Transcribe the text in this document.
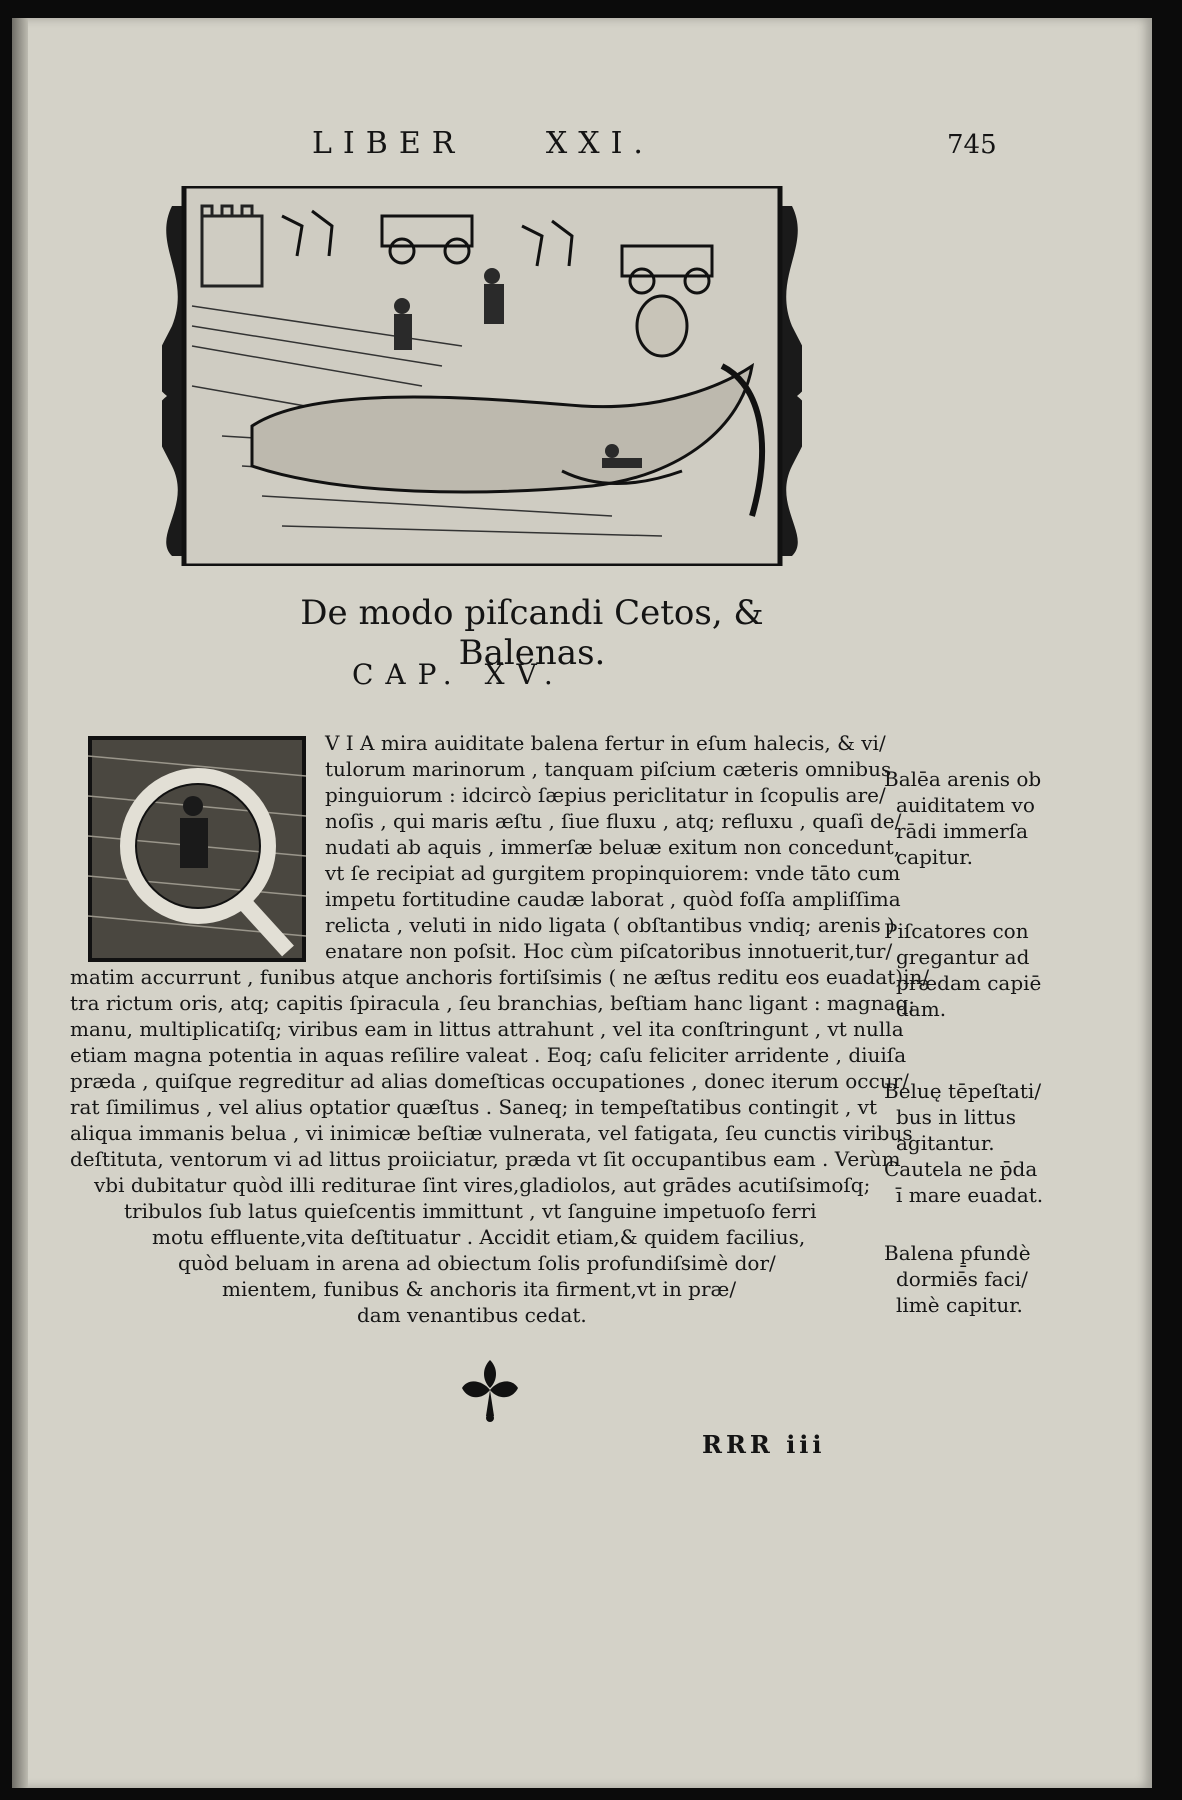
LIBER	XXI.	745
De modo piſcandi Cetos, & Balenas.
CAP. XV.
V I A mira auiditate balena fertur in eſum halecis, & vi/
tulorum marinorum , tanquam piſcium cæteris omnibus
pinguiorum : idcircò ſæpius periclitatur in ſcopulis are/
noſis , qui maris æſtu , ſiue fluxu , atq; refluxu , quaſi de/
nudati ab aquis , immerſæ beluæ exitum non concedunt,
vt ſe recipiat ad gurgitem propinquiorem: vnde tāto cum
impetu fortitudine caudæ laborat , quòd foſſa ampliſſima
relicta , veluti in nido ligata ( obſtantibus vndiq; arenis )
enatare non poſsit. Hoc cùm piſcatoribus innotuerit,tur/
matim accurrunt , funibus atque anchoris fortiſsimis ( ne æſtus reditu eos euadat)in/
tra rictum oris, atq; capitis ſpiracula , ſeu branchias, beſtiam hanc ligant : magnaq;
manu, multiplicatiſq; viribus eam in littus attrahunt , vel ita conſtringunt , vt nulla
etiam magna potentia in aquas reſilire valeat . Eoq; caſu feliciter arridente , diuiſa
præda , quiſque regreditur ad alias domeſticas occupationes , donec iterum occur/
rat ſimilimus , vel alius optatior quæſtus . Saneq; in tempeſtatibus contingit , vt
aliqua immanis belua , vi inimicæ beſtiæ vulnerata, vel fatigata, ſeu cunctis viribus
deſtituta, ventorum vi ad littus proiiciatur, præda vt ſit occupantibus eam . Verùm
vbi dubitatur quòd illi rediturae ſint vires,gladiolos, aut grādes acutiſsimoſq;
tribulos ſub latus quieſcentis immittunt , vt ſanguine impetuoſo ferri
motu effluente,vita deſtituatur . Accidit etiam,& quidem facilius,
quòd beluam in arena ad obiectum ſolis profundiſsimè dor/
mientem, funibus & anchoris ita firment,vt in præ/
dam venantibus cedat.
Balēa arenis ob
auiditatem vo
rādi immerſa
capitur.
Piſcatores con
gregantur ad
prædam capiē
dam.
Beluę tēpeſtati/
bus in littus
agitantur.
Cautela ne p̄da
ī mare euadat.
Balena p̱fundè
dormiēs faci/
limè capitur.
RRR iii
